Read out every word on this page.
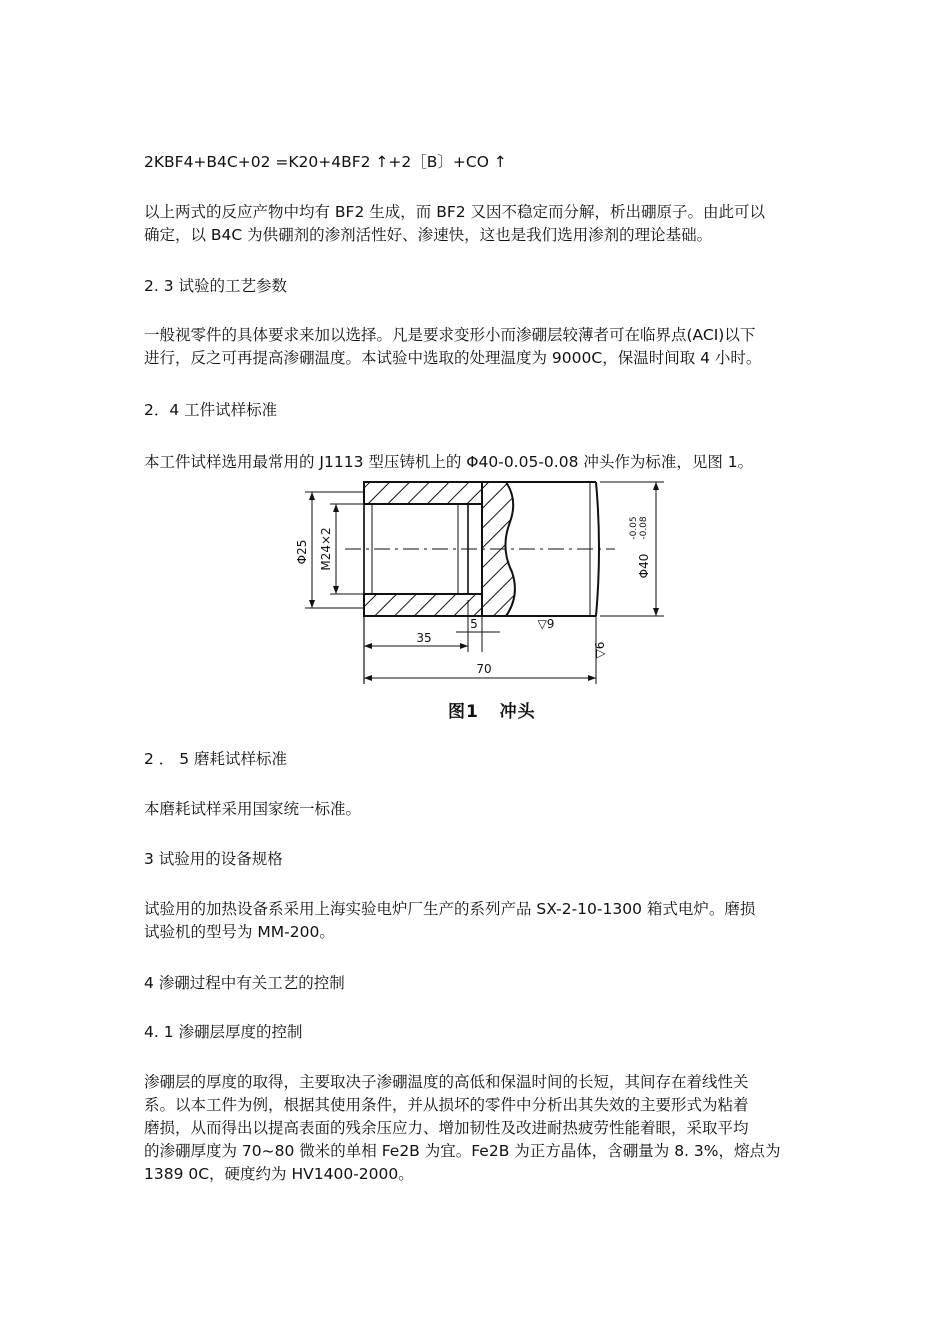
2KBF4+B4C+02 =K20+4BF2 ↑+2［B〕+CO ↑
以上两式的反应产物中均有 BF2 生成，而 BF2 又因不稳定而分解，析出硼原子。由此可以
确定，以 B4C 为供硼剂的渗剂活性好、渗速快，这也是我们选用渗剂的理论基础。
2. 3 试验的工艺参数
一般视零件的具体要求来加以选择。凡是要求变形小而渗硼层较薄者可在临界点(ACI)以下
进行，反之可再提高渗硼温度。本试验中选取的处理温度为 9000C，保温时间取 4 小时。
2．4 工件试样标准
本工件试样选用最常用的 J1113 型压铸机上的 Φ40-0.05-0.08 冲头作为标准，见图 1。
Φ25 M24×2	Φ40
-0.05 -0.08
35
5
70
▽9
▽6
图1   冲头
2 ． 5 磨耗试样标准
本磨耗试样采用国家统一标准。
3 试验用的设备规格
试验用的加热设备系采用上海实验电炉厂生产的系列产品 SX-2-10-1300 箱式电炉。磨损
试验机的型号为 MM-200。
4 渗硼过程中有关工艺的控制
4. 1 渗硼层厚度的控制
渗硼层的厚度的取得，主要取决子渗硼温度的高低和保温时间的长短，其间存在着线性关
系。以本工件为例，根据其使用条件，并从损坏的零件中分析出其失效的主要形式为粘着
磨损，从而得出以提高表面的残余压应力、增加韧性及改进耐热疲劳性能着眼，采取平均
的渗硼厚度为 70~80 微米的单相 Fe2B 为宜。Fe2B 为正方晶体，含硼量为 8. 3%，熔点为
1389 0C，硬度约为 HV1400-2000。
